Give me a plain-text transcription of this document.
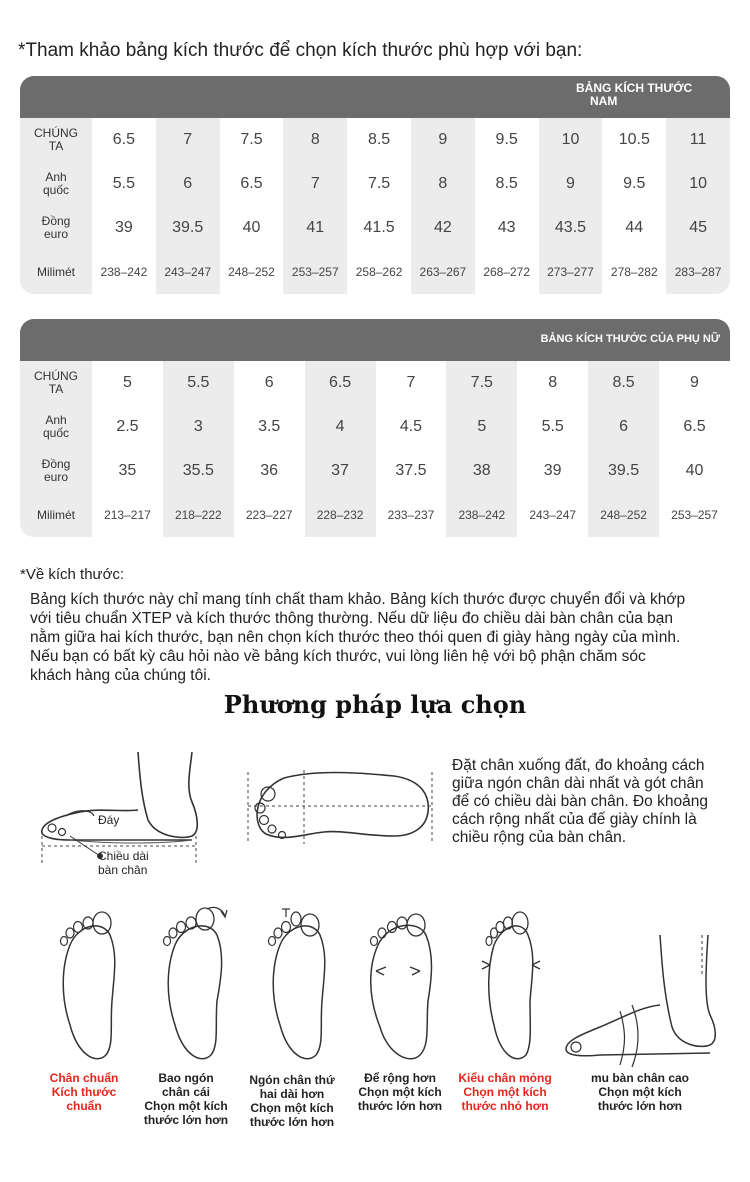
*Tham khảo bảng kích thước để chọn kích thước phù hợp với bạn:
BẢNG KÍCH THƯỚC
NAM
CHÚNG
TA	6.5	7	7.5	8	8.5	9	9.5	10	10.5	11
Anh
quốc	5.5	6	6.5	7	7.5	8	8.5	9	9.5	10
Đồng
euro	39	39.5	40	41	41.5	42	43	43.5	44	45
Milimét	238–242	243–247	248–252	253–257	258–262	263–267	268–272	273–277	278–282	283–287
BẢNG KÍCH THƯỚC CỦA PHỤ NỮ
CHÚNG
TA	5	5.5	6	6.5	7	7.5	8	8.5	9
Anh
quốc	2.5	3	3.5	4	4.5	5	5.5	6	6.5
Đồng
euro	35	35.5	36	37	37.5	38	39	39.5	40
Milimét	213–217	218–222	223–227	228–232	233–237	238–242	243–247	248–252	253–257
*Về kích thước:
Bảng kích thước này chỉ mang tính chất tham khảo. Bảng kích thước được chuyển đổi và khớp
với tiêu chuẩn XTEP và kích thước thông thường. Nếu dữ liệu đo chiều dài bàn chân của bạn
nằm giữa hai kích thước, bạn nên chọn kích thước theo thói quen đi giày hàng ngày của mình.
Nếu bạn có bất kỳ câu hỏi nào về bảng kích thước, vui lòng liên hệ với bộ phận chăm sóc
khách hàng của chúng tôi.
Phương pháp lựa chọn
Đáy
Chiều dài
bàn chân
Đặt chân xuống đất, đo khoảng cách
giữa ngón chân dài nhất và gót chân
để có chiều dài bàn chân. Đo khoảng
cách rộng nhất của đế giày chính là
chiều rộng của bàn chân.
Chân chuẩn
Kích thước
chuẩn
Bao ngón
chân cái
Chọn một kích
thước lớn hơn
Ngón chân thứ
hai dài hơn
Chọn một kích
thước lớn hơn
Để rộng hơn
Chọn một kích
thước lớn hơn
Kiểu chân mỏng
Chọn một kích
thước nhỏ hơn
mu bàn chân cao
Chọn một kích
thước lớn hơn
